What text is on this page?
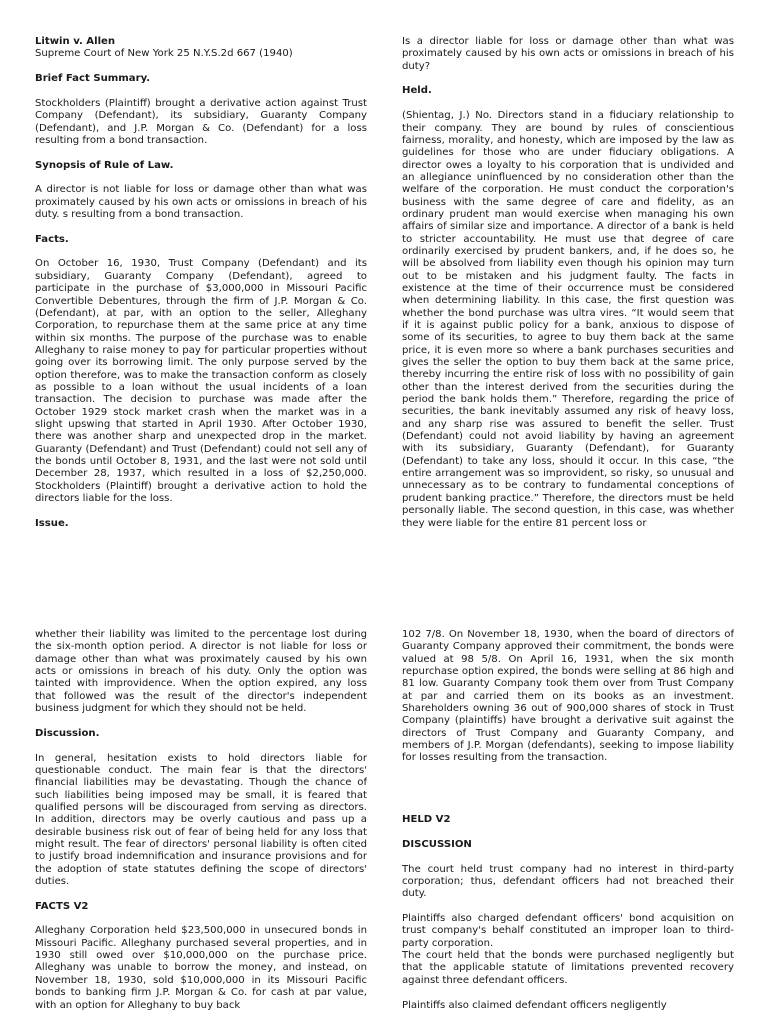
Litwin v. Allen
Supreme Court of New York 25 N.Y.S.2d 667 (1940)
Brief Fact Summary.
Stockholders (Plaintiff) brought a derivative action against Trust Company (Defendant), its subsidiary, Guaranty Company (Defendant), and J.P. Morgan & Co. (Defendant) for a loss resulting from a bond transaction.
Synopsis of Rule of Law.
A director is not liable for loss or damage other than what was proximately caused by his own acts or omissions in breach of his duty. s resulting from a bond transaction.
Facts.
On October 16, 1930, Trust Company (Defendant) and its subsidiary, Guaranty Company (Defendant), agreed to participate in the purchase of $3,000,000 in Missouri Pacific Convertible Debentures, through the firm of J.P. Morgan & Co. (Defendant), at par, with an option to the seller, Alleghany Corporation, to repurchase them at the same price at any time within six months. The purpose of the purchase was to enable Alleghany to raise money to pay for particular properties without going over its borrowing limit. The only purpose served by the option therefore, was to make the transaction conform as closely as possible to a loan without the usual incidents of a loan transaction. The decision to purchase was made after the October 1929 stock market crash when the market was in a slight upswing that started in April 1930. After October 1930, there was another sharp and unexpected drop in the market. Guaranty (Defendant) and Trust (Defendant) could not sell any of the bonds until October 8, 1931, and the last were not sold until December 28, 1937, which resulted in a loss of $2,250,000. Stockholders (Plaintiff) brought a derivative action to hold the directors liable for the loss.
Issue.
Is a director liable for loss or damage other than what was proximately caused by his own acts or omissions in breach of his duty?
Held.
(Shientag, J.) No. Directors stand in a fiduciary relationship to their company. They are bound by rules of conscientious fairness, morality, and honesty, which are imposed by the law as guidelines for those who are under fiduciary obligations. A director owes a loyalty to his corporation that is undivided and an allegiance uninfluenced by no consideration other than the welfare of the corporation. He must conduct the corporation's business with the same degree of care and fidelity, as an ordinary prudent man would exercise when managing his own affairs of similar size and importance. A director of a bank is held to stricter accountability. He must use that degree of care ordinarily exercised by prudent bankers, and, if he does so, he will be absolved from liability even though his opinion may turn out to be mistaken and his judgment faulty. The facts in existence at the time of their occurrence must be considered when determining liability. In this case, the first question was whether the bond purchase was ultra vires. “It would seem that if it is against public policy for a bank, anxious to dispose of some of its securities, to agree to buy them back at the same price, it is even more so where a bank purchases securities and gives the seller the option to buy them back at the same price, thereby incurring the entire risk of loss with no possibility of gain other than the interest derived from the securities during the period the bank holds them.” Therefore, regarding the price of securities, the bank inevitably assumed any risk of heavy loss, and any sharp rise was assured to benefit the seller. Trust (Defendant) could not avoid liability by having an agreement with its subsidiary, Guaranty (Defendant), for Guaranty (Defendant) to take any loss, should it occur. In this case, “the entire arrangement was so improvident, so risky, so unusual and unnecessary as to be contrary to fundamental conceptions of prudent banking practice.” Therefore, the directors must be held personally liable. The second question, in this case, was whether they were liable for the entire 81 percent loss or
whether their liability was limited to the percentage lost during the six-month option period. A director is not liable for loss or damage other than what was proximately caused by his own acts or omissions in breach of his duty. Only the option was tainted with improvidence. When the option expired, any loss that followed was the result of the director's independent business judgment for which they should not be held.
Discussion.
In general, hesitation exists to hold directors liable for questionable conduct. The main fear is that the directors' financial liabilities may be devastating. Though the chance of such liabilities being imposed may be small, it is feared that qualified persons will be discouraged from serving as directors. In addition, directors may be overly cautious and pass up a desirable business risk out of fear of being held for any loss that might result. The fear of directors' personal liability is often cited to justify broad indemnification and insurance provisions and for the adoption of state statutes defining the scope of directors' duties.
FACTS V2
Alleghany Corporation held $23,500,000 in unsecured bonds in Missouri Pacific. Alleghany purchased several properties, and in 1930 still owed over $10,000,000 on the purchase price. Alleghany was unable to borrow the money, and instead, on November 18, 1930, sold $10,000,000 in its Missouri Pacific bonds to banking firm J.P. Morgan & Co. for cash at par value, with an option for Alleghany to buy back
102 7/8. On November 18, 1930, when the board of directors of Guaranty Company approved their commitment, the bonds were valued at 98 5/8. On April 16, 1931, when the six month repurchase option expired, the bonds were selling at 86 high and 81 low. Guaranty Company took them over from Trust Company at par and carried them on its books as an investment. Shareholders owning 36 out of 900,000 shares of stock in Trust Company (plaintiffs) have brought a derivative suit against the directors of Trust Company and Guaranty Company, and members of J.P. Morgan (defendants), seeking to impose liability for losses resulting from the transaction.
HELD V2
DISCUSSION
The court held trust company had no interest in third-party corporation; thus, defendant officers had not breached their duty.
Plaintiffs also charged defendant officers' bond acquisition on trust company's behalf constituted an improper loan to third-party corporation.
The court held that the bonds were purchased negligently but that the applicable statute of limitations prevented recovery against three defendant officers.
Plaintiffs also claimed defendant officers negligently
